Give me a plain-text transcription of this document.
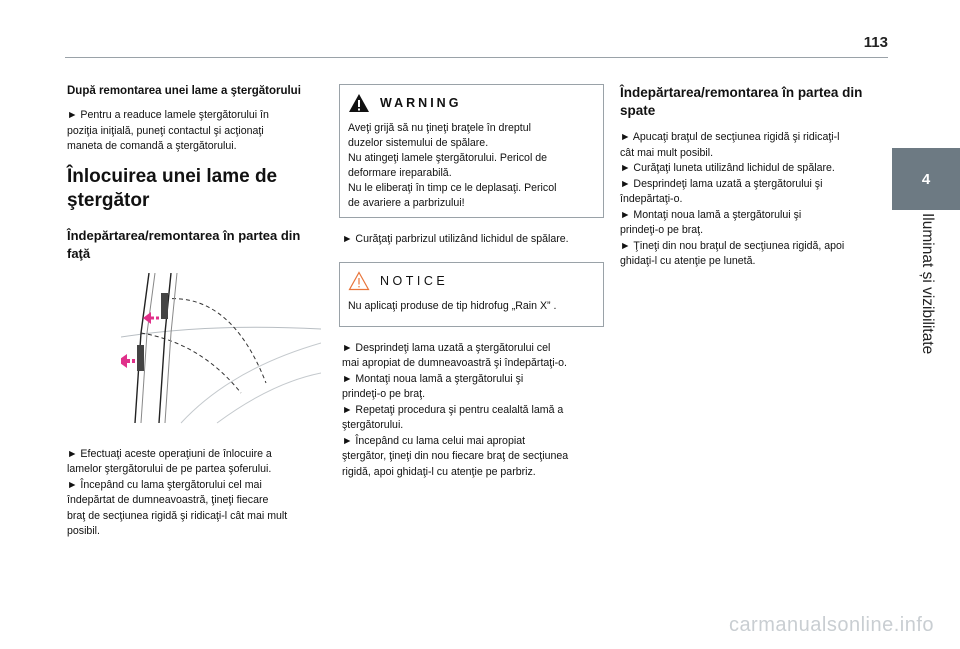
113
4
Iluminat și vizibilitate
După remontarea unei lame a ştergătorului
► Pentru a readuce lamele ştergătorului în
poziţia iniţială, puneţi contactul şi acţionaţi
maneta de comandă a ştergătorului.
Înlocuirea unei lame de
ştergător
Îndepărtarea/remontarea în partea din
faţă
► Efectuaţi aceste operaţiuni de înlocuire a
lamelor ştergătorului de pe partea şoferului.
► Începând cu lama ştergătorului cel mai
îndepărtat de dumneavoastră, ţineţi fiecare
braţ de secţiunea rigidă şi ridicaţi-l cât mai mult
posibil.
WARNING
Aveţi grijă să nu ţineţi braţele în dreptul
duzelor sistemului de spălare.
Nu atingeţi lamele ştergătorului. Pericol de
deformare ireparabilă.
Nu le eliberaţi în timp ce le deplasaţi. Pericol
de avariere a parbrizului!
► Curăţaţi parbrizul utilizând lichidul de spălare.
NOTICE
Nu aplicaţi produse de tip hidrofug „Rain X” .
► Desprindeţi lama uzată a ştergătorului cel
mai apropiat de dumneavoastră şi îndepărtaţi-o.
► Montaţi noua lamă a ştergătorului şi
prindeţi-o pe braţ.
► Repetaţi procedura şi pentru cealaltă lamă a
ştergătorului.
► Începând cu lama celui mai apropiat
ştergător, ţineţi din nou fiecare braţ de secţiunea
rigidă, apoi ghidaţi-l cu atenţie pe parbriz.
Îndepărtarea/remontarea în partea din
spate
► Apucaţi braţul de secţiunea rigidă şi ridicaţi-l
cât mai mult posibil.
► Curăţaţi luneta utilizând lichidul de spălare.
► Desprindeţi lama uzată a ştergătorului şi
îndepărtaţi-o.
► Montaţi noua lamă a ştergătorului şi
prindeţi-o pe braţ.
► Ţineţi din nou braţul de secţiunea rigidă, apoi
ghidaţi-l cu atenţie pe lunetă.
carmanualsonline.info
